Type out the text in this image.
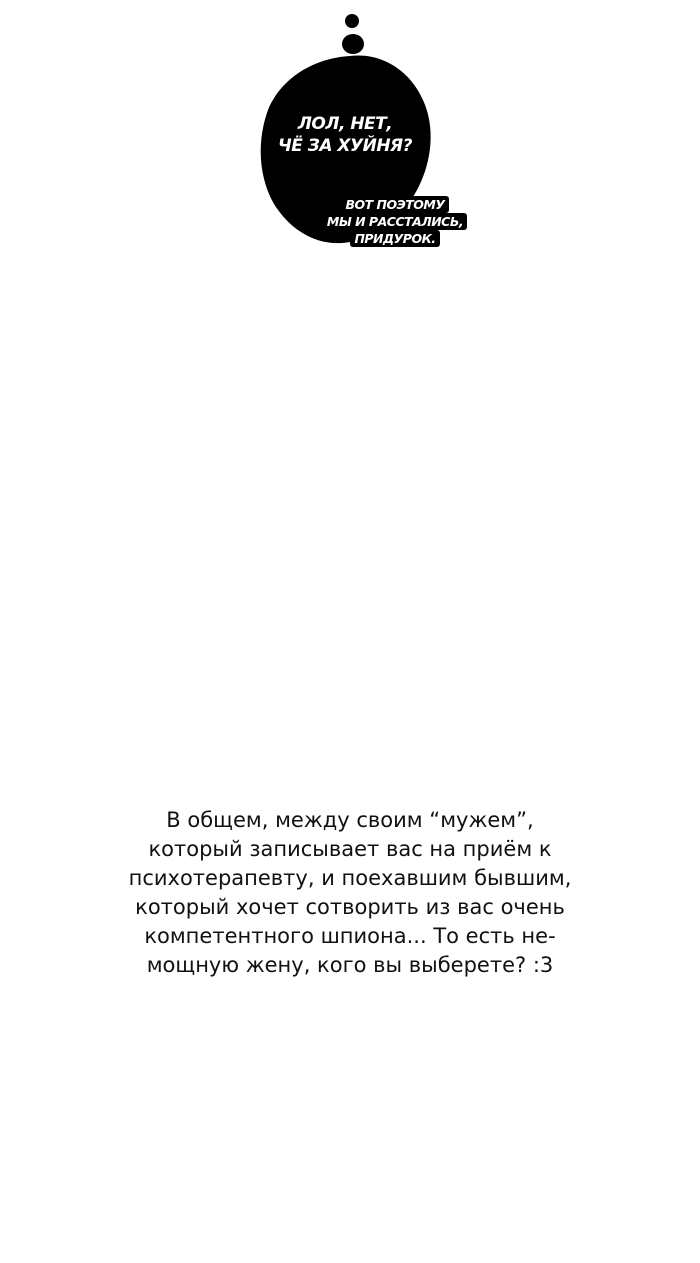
ЛОЛ, НЕТ,
ЧЁ ЗА ХУЙНЯ?
ВОТ ПОЭТОМУ
МЫ И РАССТАЛИСЬ,
ПРИДУРОК.
В общем, между своим “мужем”,
который записывает вас на приём к
психотерапевту, и поехавшим бывшим,
который хочет сотворить из вас очень
компетентного шпиона... То есть не-
мощную жену, кого вы выберете? :3
